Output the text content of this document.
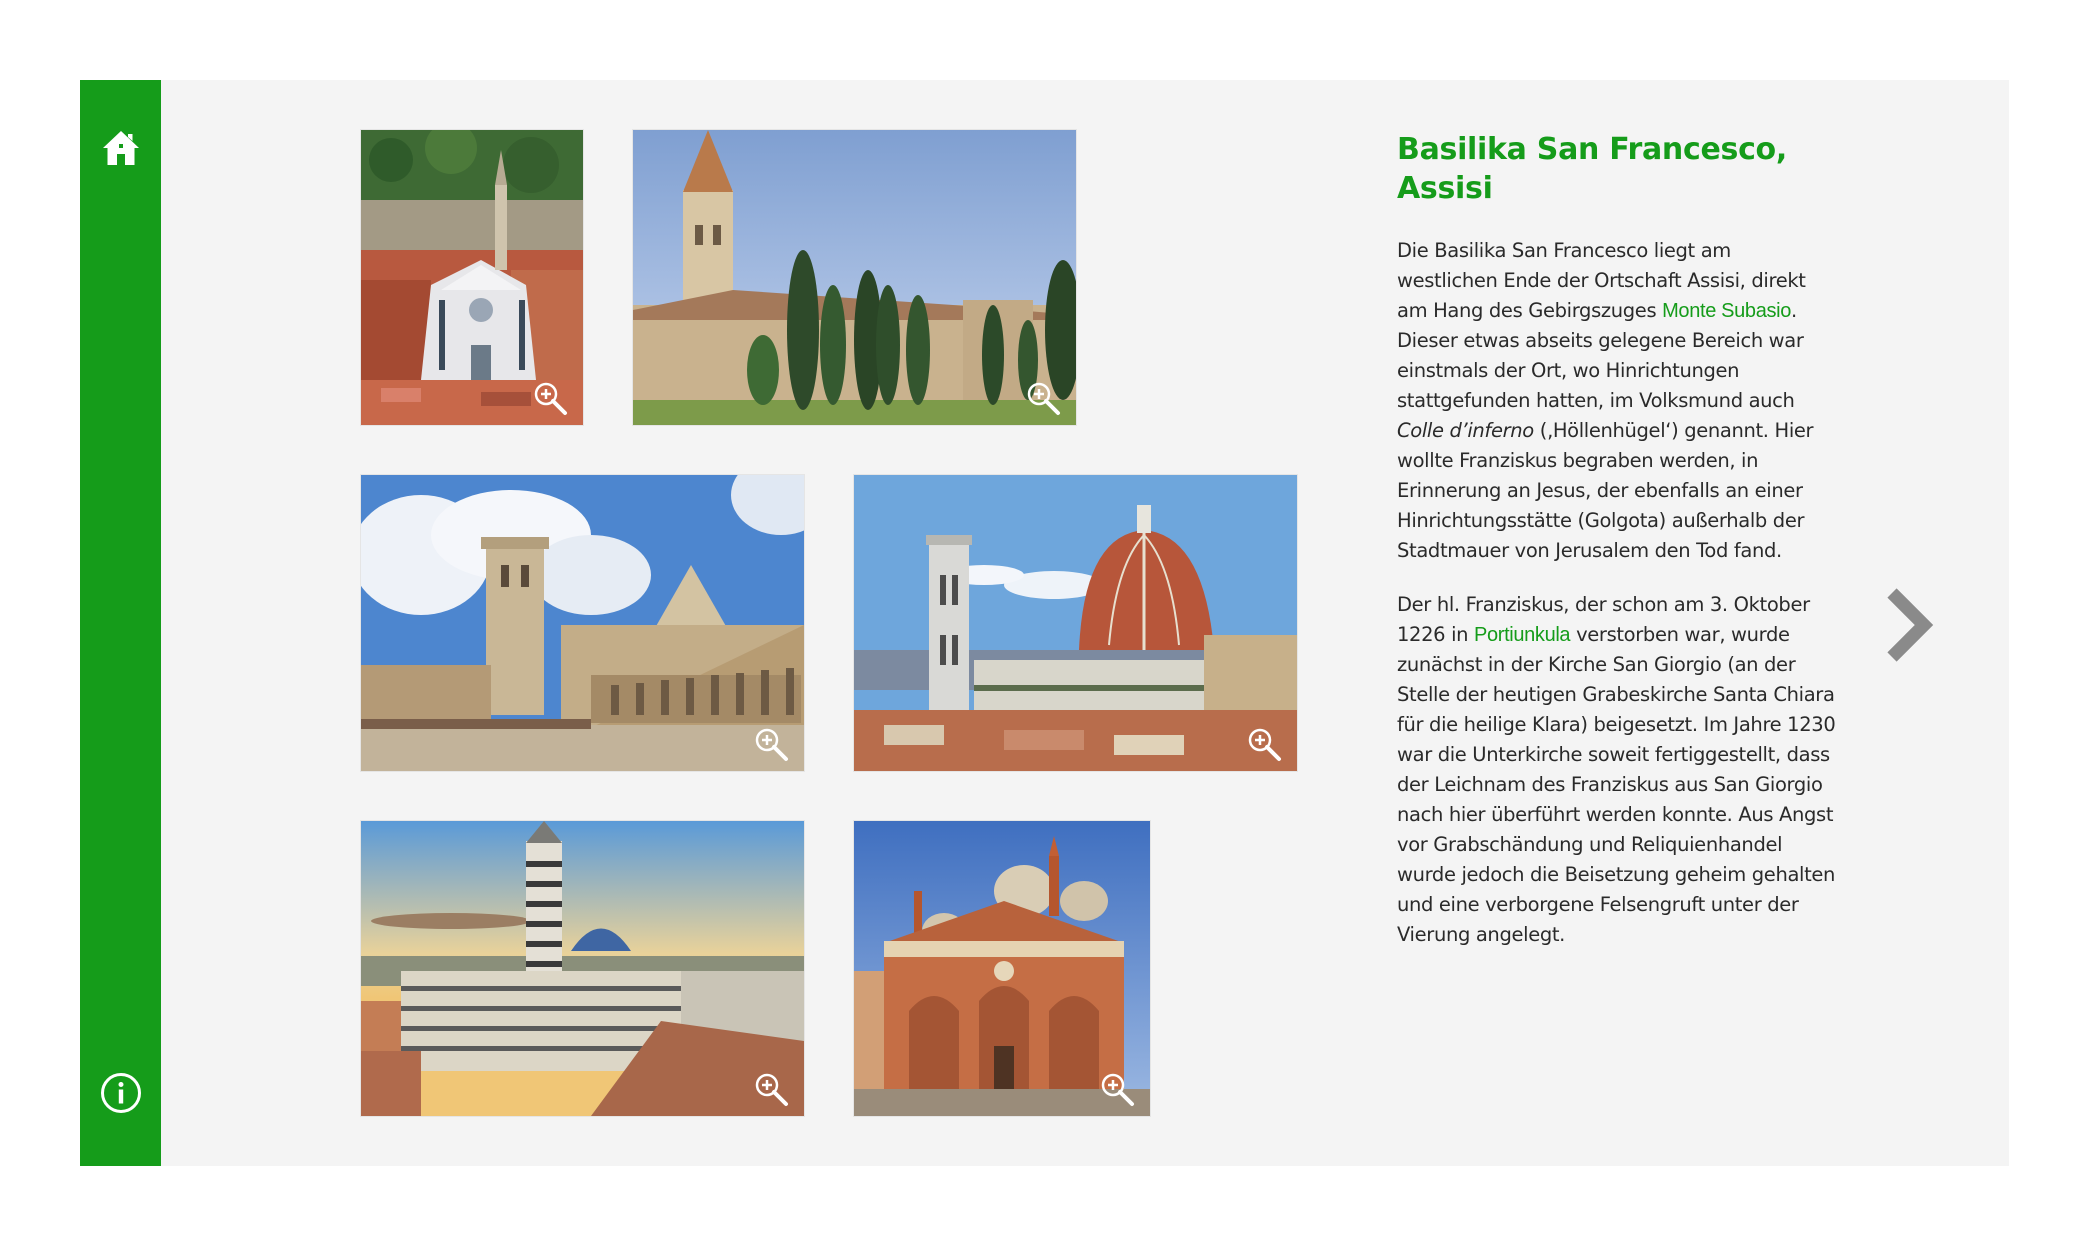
Basilika San Francesco, Assisi

Die Basilika San Francesco liegt am westlichen Ende der Ortschaft Assisi, direkt am Hang des Gebirgszuges Monte Subasio. Dieser etwas abseits gelegene Bereich war einstmals der Ort, wo Hinrichtungen stattgefunden hatten, im Volksmund auch Colle d’inferno (‚Höllenhügel‘) genannt. Hier wollte Franziskus begraben werden, in Erinnerung an Jesus, der ebenfalls an einer Hinrichtungsstätte (Golgota) außerhalb der Stadtmauer von Jerusalem den Tod fand.

Der hl. Franziskus, der schon am 3. Oktober 1226 in Portiunkula verstorben war, wurde zunächst in der Kirche San Giorgio (an der Stelle der heutigen Grabeskirche Santa Chiara für die heilige Klara) beigesetzt. Im Jahre 1230 war die Unterkirche soweit fertiggestellt, dass der Leichnam des Franziskus aus San Giorgio nach hier überführt werden konnte. Aus Angst vor Grabschändung und Reliquienhandel wurde jedoch die Beisetzung geheim gehalten und eine verborgene Felsengruft unter der Vierung angelegt.
